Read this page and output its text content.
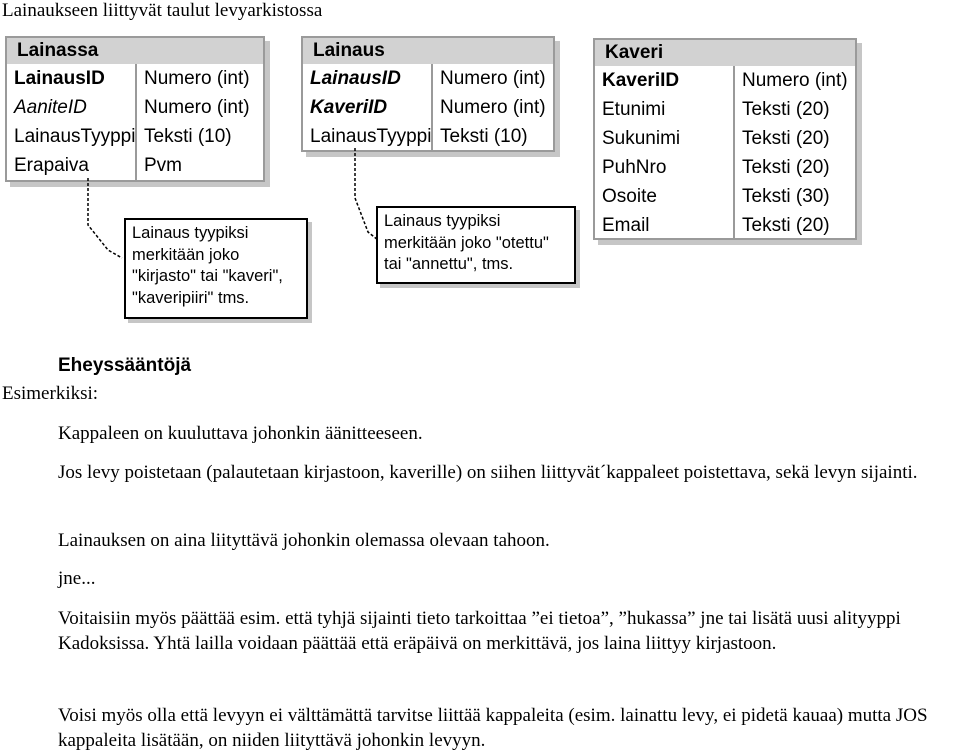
Lainaukseen liittyvät taulut levyarkistossa
Lainassa
LainausID
AaniteID
LainausTyyppi
Erapaiva
Numero (int)
Numero (int)
Teksti (10)
Pvm
Lainaus
LainausID
KaveriID
LainausTyyppi
Numero (int)
Numero (int)
Teksti (10)
Kaveri
KaveriID
Etunimi
Sukunimi
PuhNro
Osoite
Email
Numero (int)
Teksti (20)
Teksti (20)
Teksti (20)
Teksti (30)
Teksti (20)
Lainaus tyypiksi
merkitään joko
"kirjasto" tai "kaveri",
"kaveripiiri" tms.
Lainaus tyypiksi
merkitään joko "otettu"
tai "annettu", tms.
Eheyssääntöjä
Esimerkiksi:
Kappaleen on kuuluttava johonkin äänitteeseen.
Jos levy poistetaan (palautetaan kirjastoon, kaverille) on siihen liittyvät´kappaleet poistettava, sekä levyn sijainti.
Lainauksen on aina liityttävä johonkin olemassa olevaan tahoon.
jne...
Voitaisiin myös päättää esim. että tyhjä sijainti tieto tarkoittaa ”ei tietoa”, ”hukassa” jne tai lisätä uusi alityyppi Kadoksissa. Yhtä lailla voidaan päättää että eräpäivä on merkittävä, jos laina liittyy kirjastoon.
Voisi myös olla että levyyn ei välttämättä tarvitse liittää kappaleita (esim. lainattu levy, ei pidetä kauaa) mutta JOS kappaleita lisätään, on niiden liityttävä johonkin levyyn.
